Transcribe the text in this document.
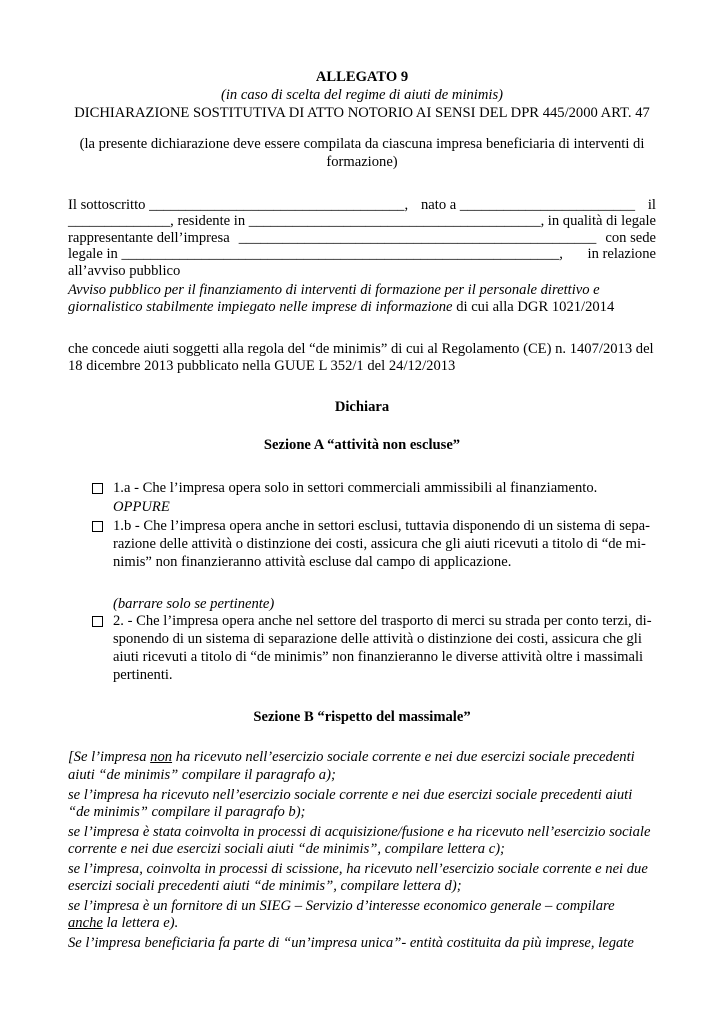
ALLEGATO 9
(in caso di scelta del regime di aiuti de minimis)
DICHIARAZIONE SOSTITUTIVA DI ATTO NOTORIO AI SENSI DEL DPR 445/2000 ART. 47
(la presente dichiarazione deve essere compilata da ciascuna impresa beneficiaria di interventi di
formazione)
Il sottoscritto ___________________________________, nato a ________________________ il
______________, residente in ________________________________________, in qualità di legale
rappresentante dell’impresa _________________________________________________ con sede
legale in ____________________________________________________________, in relazione
all’avviso pubblico
Avviso pubblico per il finanziamento di interventi di formazione per il personale direttivo e
giornalistico stabilmente impiegato nelle imprese di informazione di cui alla DGR 1021/2014
che concede aiuti soggetti alla regola del “de minimis” di cui al Regolamento (CE) n. 1407/2013 del
18 dicembre 2013 pubblicato nella GUUE L 352/1 del 24/12/2013
Dichiara
Sezione A “attività non escluse”
1.a - Che l’impresa opera solo in settori commerciali ammissibili al finanziamento.
OPPURE
1.b - Che l’impresa opera anche in settori esclusi, tuttavia disponendo di un sistema di sepa-
razione delle attività o distinzione dei costi, assicura che gli aiuti ricevuti a titolo di “de mi-
nimis” non finanzieranno attività escluse dal campo di applicazione.
(barrare solo se pertinente)
2. - Che l’impresa opera anche nel settore del trasporto di merci su strada per conto terzi, di-
sponendo di un sistema di separazione delle attività o distinzione dei costi, assicura che gli
aiuti ricevuti a titolo di “de minimis” non finanzieranno le diverse attività oltre i massimali
pertinenti.
Sezione B “rispetto del massimale”
[Se l’impresa non ha ricevuto nell’esercizio sociale corrente e nei due esercizi sociale precedenti
aiuti “de minimis” compilare il paragrafo a);
se l’impresa ha ricevuto nell’esercizio sociale corrente e nei due esercizi sociale precedenti aiuti
“de minimis” compilare il paragrafo b);
se l’impresa è stata coinvolta in processi di acquisizione/fusione e ha ricevuto nell’esercizio sociale
corrente e nei due esercizi sociali aiuti “de minimis”, compilare lettera c);
se l’impresa, coinvolta in processi di scissione, ha ricevuto nell’esercizio sociale corrente e nei due
esercizi sociali precedenti aiuti “de minimis”, compilare lettera d);
se l’impresa è un fornitore di un SIEG – Servizio d’interesse economico generale – compilare
anche la lettera e).
Se l’impresa beneficiaria fa parte di “un’impresa unica”- entità costituita da più imprese, legate
